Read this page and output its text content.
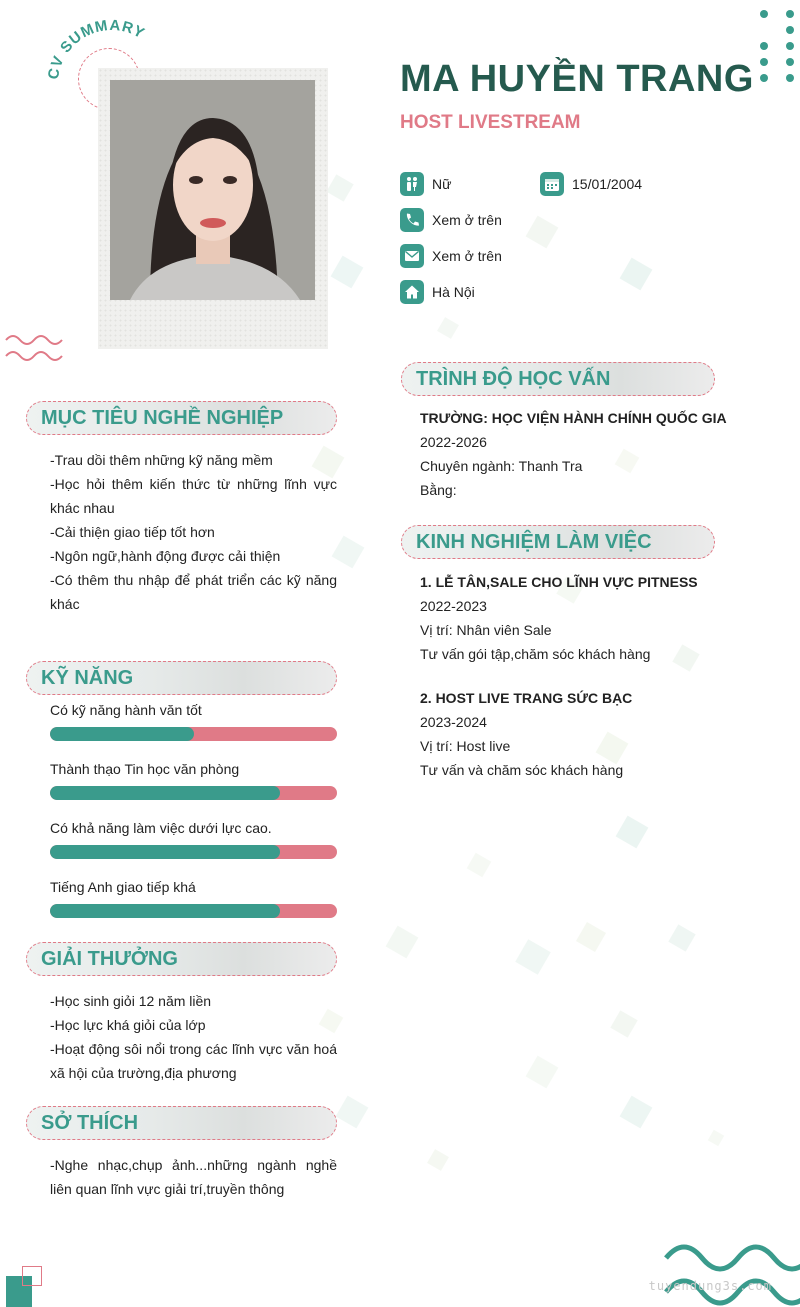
CV SUMMARY
MA HUYỀN TRANG
HOST LIVESTREAM
Nữ	15/01/2004
Xem ở trên
Xem ở trên
Hà Nội
MỤC TIÊU NGHỀ NGHIỆP
-Trau dồi thêm những kỹ năng mềm
-Học hỏi thêm kiến thức từ những lĩnh vực khác nhau
-Cải thiện giao tiếp tốt hơn
-Ngôn ngữ,hành động được cải thiện
-Có thêm thu nhập để phát triển các kỹ năng khác
KỸ NĂNG
Có kỹ năng hành văn tốt
Thành thạo Tin học văn phòng
Có khả năng làm việc dưới lực cao.
Tiếng Anh giao tiếp khá
GIẢI THƯỞNG
-Học sinh giỏi 12 năm liền
-Học lực khá giỏi của lớp
-Hoạt động sôi nổi trong các lĩnh vực văn hoá xã hội của trường,địa phương
SỞ THÍCH
-Nghe nhạc,chụp ảnh...những ngành nghề liên quan lĩnh vực giải trí,truyền thông
TRÌNH ĐỘ HỌC VẤN
TRƯỜNG: HỌC VIỆN HÀNH CHÍNH QUỐC GIA
2022-2026
Chuyên ngành: Thanh Tra
Bằng:
KINH NGHIỆM LÀM VIỆC
1. LỄ TÂN,SALE CHO LĨNH VỰC PITNESS
2022-2023
Vị trí: Nhân viên Sale
Tư vấn gói tập,chăm sóc khách hàng
2. HOST LIVE TRANG SỨC BẠC
2023-2024
Vị trí: Host live
Tư vấn và chăm sóc khách hàng
tuyendung3s.com
